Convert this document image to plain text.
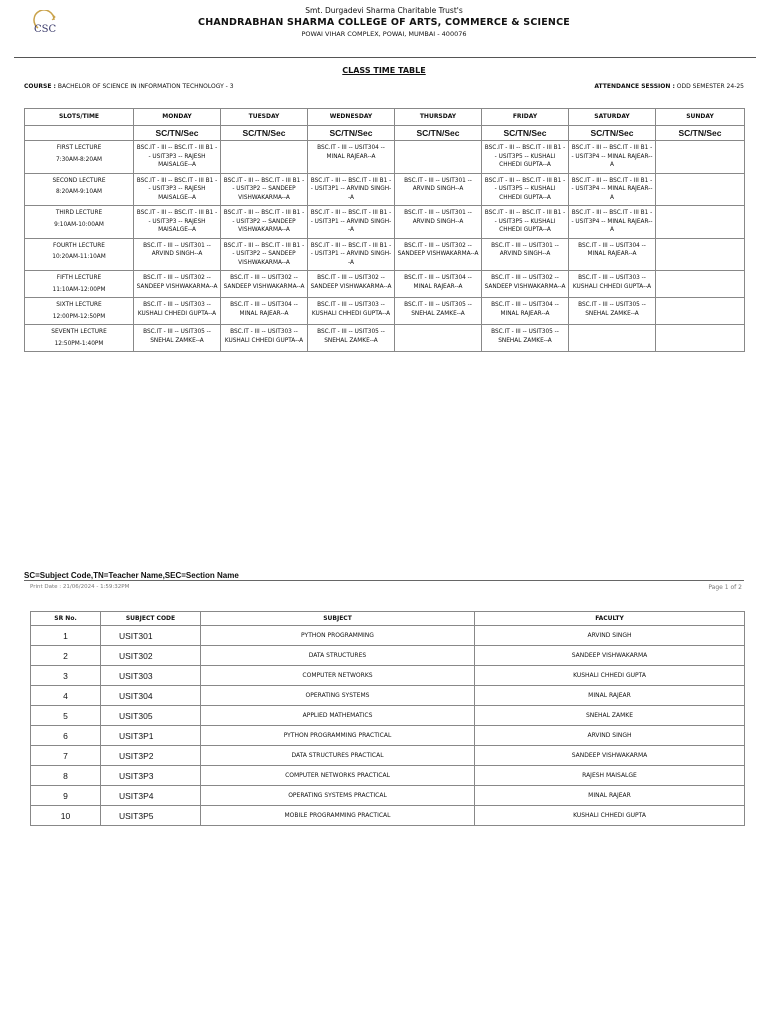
CSC
Smt. Durgadevi Sharma Charitable Trust's
CHANDRABHAN SHARMA COLLEGE OF ARTS, COMMERCE & SCIENCE
POWAI VIHAR COMPLEX, POWAI, MUMBAI - 400076
CLASS TIME TABLE
COURSE : BACHELOR OF SCIENCE IN INFORMATION TECHNOLOGY - 3	ATTENDANCE SESSION : ODD SEMESTER 24-25
SLOTS/TIME	MONDAY	TUESDAY	WEDNESDAY	THURSDAY	FRIDAY	SATURDAY	SUNDAY
	SC/TN/Sec	SC/TN/Sec	SC/TN/Sec	SC/TN/Sec	SC/TN/Sec	SC/TN/Sec	SC/TN/Sec

FIRST LECTURE
7:30AM-8:20AM	BSC.IT - III -- BSC.IT - III B1 -- USIT3P3 -- RAJESH MAISALGE--A		BSC.IT - III -- USIT304 -- MINAL RAJEAR--A		BSC.IT - III -- BSC.IT - III B1 -- USIT3P5 -- KUSHALI CHHEDI GUPTA--A	BSC.IT - III -- BSC.IT - III B1 -- USIT3P4 -- MINAL RAJEAR--A	

SECOND LECTURE
8:20AM-9:10AM	BSC.IT - III -- BSC.IT - III B1 -- USIT3P3 -- RAJESH MAISALGE--A	BSC.IT - III -- BSC.IT - III B1 -- USIT3P2 -- SANDEEP VISHWAKARMA--A	BSC.IT - III -- BSC.IT - III B1 -- USIT3P1 -- ARVIND SINGH--A	BSC.IT - III -- USIT301 -- ARVIND SINGH--A	BSC.IT - III -- BSC.IT - III B1 -- USIT3P5 -- KUSHALI CHHEDI GUPTA--A	BSC.IT - III -- BSC.IT - III B1 -- USIT3P4 -- MINAL RAJEAR--A	

THIRD LECTURE
9:10AM-10:00AM	BSC.IT - III -- BSC.IT - III B1 -- USIT3P3 -- RAJESH MAISALGE--A	BSC.IT - III -- BSC.IT - III B1 -- USIT3P2 -- SANDEEP VISHWAKARMA--A	BSC.IT - III -- BSC.IT - III B1 -- USIT3P1 -- ARVIND SINGH--A	BSC.IT - III -- USIT301 -- ARVIND SINGH--A	BSC.IT - III -- BSC.IT - III B1 -- USIT3P5 -- KUSHALI CHHEDI GUPTA--A	BSC.IT - III -- BSC.IT - III B1 -- USIT3P4 -- MINAL RAJEAR--A	

FOURTH LECTURE
10:20AM-11:10AM	BSC.IT - III -- USIT301 -- ARVIND SINGH--A	BSC.IT - III -- BSC.IT - III B1 -- USIT3P2 -- SANDEEP VISHWAKARMA--A	BSC.IT - III -- BSC.IT - III B1 -- USIT3P1 -- ARVIND SINGH--A	BSC.IT - III -- USIT302 -- SANDEEP VISHWAKARMA--A	BSC.IT - III -- USIT301 -- ARVIND SINGH--A	BSC.IT - III -- USIT304 -- MINAL RAJEAR--A	

FIFTH LECTURE
11:10AM-12:00PM	BSC.IT - III -- USIT302 -- SANDEEP VISHWAKARMA--A	BSC.IT - III -- USIT302 -- SANDEEP VISHWAKARMA--A	BSC.IT - III -- USIT302 -- SANDEEP VISHWAKARMA--A	BSC.IT - III -- USIT304 -- MINAL RAJEAR--A	BSC.IT - III -- USIT302 -- SANDEEP VISHWAKARMA--A	BSC.IT - III -- USIT303 -- KUSHALI CHHEDI GUPTA--A	

SIXTH LECTURE
12:00PM-12:50PM	BSC.IT - III -- USIT303 -- KUSHALI CHHEDI GUPTA--A	BSC.IT - III -- USIT304 -- MINAL RAJEAR--A	BSC.IT - III -- USIT303 -- KUSHALI CHHEDI GUPTA--A	BSC.IT - III -- USIT305 -- SNEHAL ZAMKE--A	BSC.IT - III -- USIT304 -- MINAL RAJEAR--A	BSC.IT - III -- USIT305 -- SNEHAL ZAMKE--A	

SEVENTH LECTURE
12:50PM-1:40PM	BSC.IT - III -- USIT305 -- SNEHAL ZAMKE--A	BSC.IT - III -- USIT303 -- KUSHALI CHHEDI GUPTA--A	BSC.IT - III -- USIT305 -- SNEHAL ZAMKE--A		BSC.IT - III -- USIT305 -- SNEHAL ZAMKE--A		
SC=Subject Code,TN=Teacher Name,SEC=Section Name
Print Date : 21/06/2024 - 1:59:32PM	Page 1 of 2
SR No.	SUBJECT CODE	SUBJECT	FACULTY
1	USIT301	PYTHON PROGRAMMING	ARVIND SINGH
2	USIT302	DATA STRUCTURES	SANDEEP VISHWAKARMA
3	USIT303	COMPUTER NETWORKS	KUSHALI CHHEDI GUPTA
4	USIT304	OPERATING SYSTEMS	MINAL RAJEAR
5	USIT305	APPLIED MATHEMATICS	SNEHAL ZAMKE
6	USIT3P1	PYTHON PROGRAMMING PRACTICAL	ARVIND SINGH
7	USIT3P2	DATA STRUCTURES PRACTICAL	SANDEEP VISHWAKARMA
8	USIT3P3	COMPUTER NETWORKS PRACTICAL	RAJESH MAISALGE
9	USIT3P4	OPERATING SYSTEMS PRACTICAL	MINAL RAJEAR
10	USIT3P5	MOBILE PROGRAMMING PRACTICAL	KUSHALI CHHEDI GUPTA
